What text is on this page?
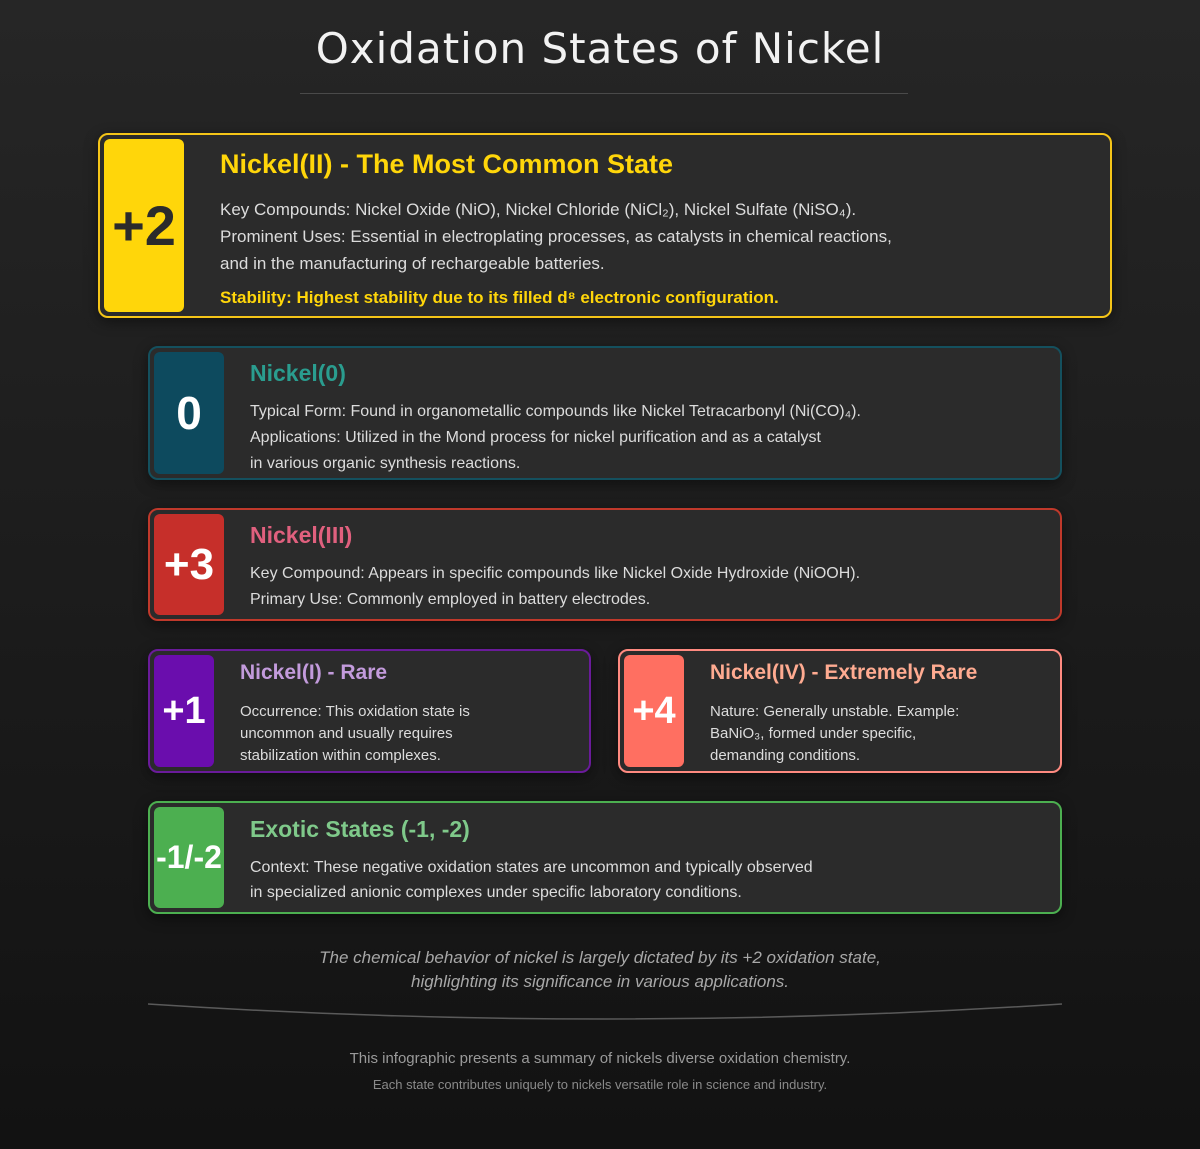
Oxidation States of Nickel
+2
Nickel(II) - The Most Common State

Key Compounds: Nickel Oxide (NiO), Nickel Chloride (NiCl₂), Nickel Sulfate (NiSO₄).

Prominent Uses: Essential in electroplating processes, as catalysts in chemical reactions,

and in the manufacturing of rechargeable batteries.

Stability: Highest stability due to its filled d⁸ electronic configuration.

0
Nickel(0)

Typical Form: Found in organometallic compounds like Nickel Tetracarbonyl (Ni(CO)₄).

Applications: Utilized in the Mond process for nickel purification and as a catalyst

in various organic synthesis reactions.

+3
Nickel(III)

Key Compound: Appears in specific compounds like Nickel Oxide Hydroxide (NiOOH).

Primary Use: Commonly employed in battery electrodes.

+1
Nickel(I) - Rare

Occurrence: This oxidation state is

uncommon and usually requires

stabilization within complexes.

+4
Nickel(IV) - Extremely Rare

Nature: Generally unstable. Example:

BaNiO₃, formed under specific,

demanding conditions.

-1/-2
Exotic States (-1, -2)

Context: These negative oxidation states are uncommon and typically observed

in specialized anionic complexes under specific laboratory conditions.

The chemical behavior of nickel is largely dictated by its +2 oxidation state,

highlighting its significance in various applications.

This infographic presents a summary of nickels diverse oxidation chemistry.

Each state contributes uniquely to nickels versatile role in science and industry.
